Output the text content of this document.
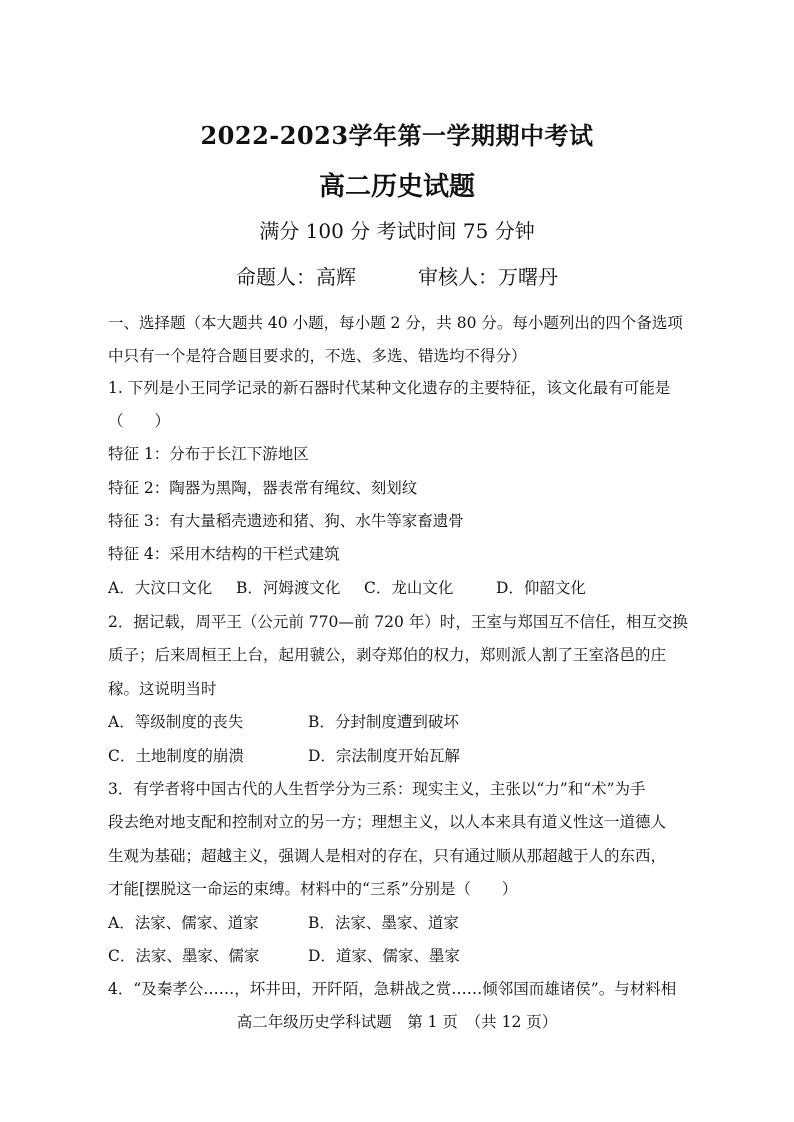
2022-2023学年第一学期期中考试
高二历史试题
满分 100 分 考试时间 75 分钟
命题人：高辉	审核人：万曙丹
一、选择题（本大题共 40 小题，每小题 2 分，共 80 分。每小题列出的四个备选项
中只有一个是符合题目要求的，不选、多选、错选均不得分）
1. 下列是小王同学记录的新石器时代某种文化遗存的主要特征，该文化最有可能是
（　　）
特征 1：分布于长江下游地区
特征 2：陶器为黑陶，器表常有绳纹、刻划纹
特征 3：有大量稻壳遗迹和猪、狗、水牛等家畜遗骨
特征 4：采用木结构的干栏式建筑
A．大汶口文化 B．河姆渡文化 C．龙山文化	D．仰韶文化
2．据记载，周平王（公元前 770—前 720 年）时，王室与郑国互不信任，相互交换
质子；后来周桓王上台，起用虢公，剥夺郑伯的权力，郑则派人割了王室洛邑的庄
稼。这说明当时
A．等级制度的丧失	B．分封制度遭到破坏
C．土地制度的崩溃	D．宗法制度开始瓦解
3．有学者将中国古代的人生哲学分为三系：现实主义，主张以“力”和“术”为手
段去绝对地支配和控制对立的另一方；理想主义，以人本来具有道义性这一道德人
生观为基础；超越主义，强调人是相对的存在，只有通过顺从那超越于人的东西，
才能[摆脱这一命运的束缚。材料中的“三系”分别是（　　）
A．法家、儒家、道家	B．法家、墨家、道家
C．法家、墨家、儒家	D．道家、儒家、墨家
4．“及秦孝公……，坏井田，开阡陌，急耕战之赏……倾邻国而雄诸侯”。与材料相
高二年级历史学科试题　第 1 页　（共 12 页）
